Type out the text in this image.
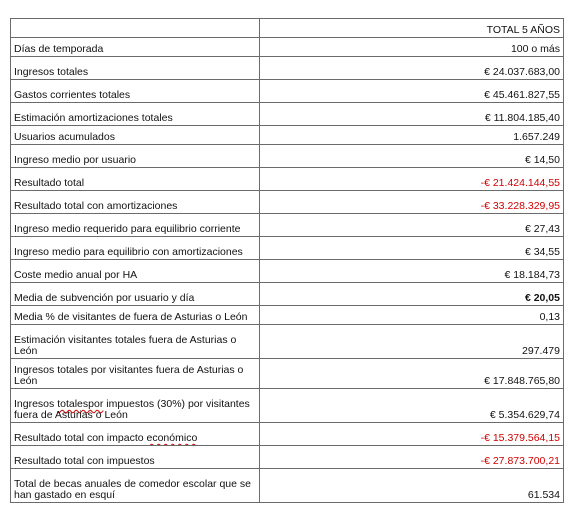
	TOTAL 5 AÑOS
Días de temporada	100 o más
Ingresos totales	€ 24.037.683,00
Gastos corrientes totales	€ 45.461.827,55
Estimación amortizaciones totales	€ 11.804.185,40
Usuarios acumulados	1.657.249
Ingreso medio por usuario	€ 14,50
Resultado total	-€ 21.424.144,55
Resultado total con amortizaciones	-€ 33.228.329,95
Ingreso medio requerido para equilibrio corriente	€ 27,43
Ingreso medio para equilibrio con amortizaciones	€ 34,55
Coste medio anual por HA	€ 18.184,73
Media de subvención por usuario y día	€ 20,05
Media % de visitantes de fuera de Asturias o León	0,13
Estimación visitantes totales fuera de Asturias o León	297.479
Ingresos totales por visitantes fuera de Asturias o León	€ 17.848.765,80
Ingresos totalespor impuestos (30%) por visitantes fuera de Asturias o León	€ 5.354.629,74
Resultado total con impacto económico	-€ 15.379.564,15
Resultado total con impuestos	-€ 27.873.700,21
Total de becas anuales de comedor escolar que se han gastado en esquí	61.534
